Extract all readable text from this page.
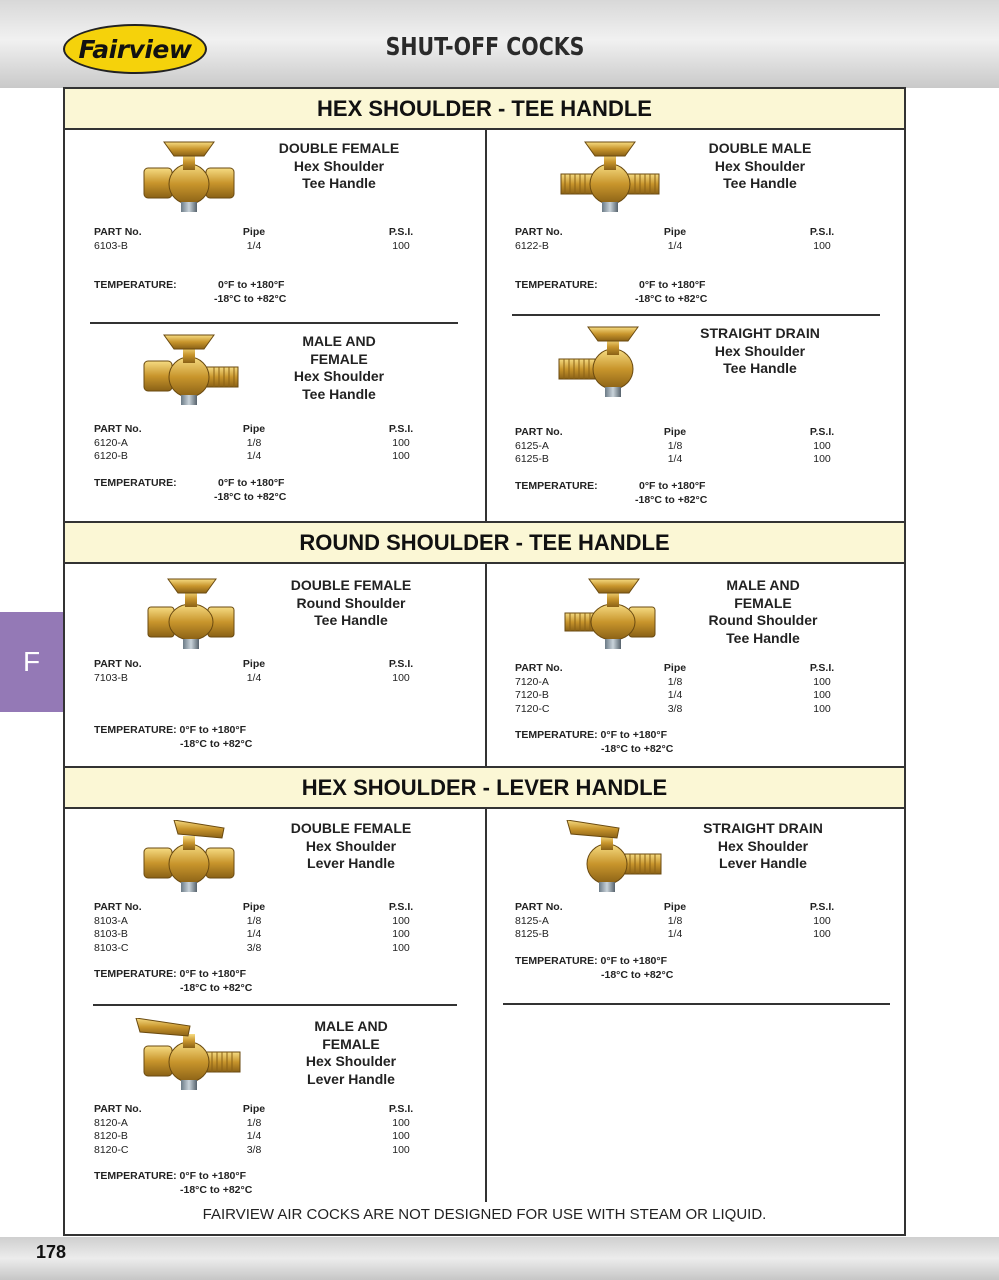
Fairview	SHUT-OFF COCKS
F
178
HEX SHOULDER - TEE HANDLE
ROUND SHOULDER - TEE HANDLE
HEX SHOULDER - LEVER HANDLE
DOUBLE FEMALE
Hex Shoulder
Tee Handle
PART No.	Pipe	P.S.I.
6103-B	1/4	100
TEMPERATURE:	0°F to +180°F
-18°C to +82°C
DOUBLE MALE
Hex Shoulder
Tee Handle
PART No.	Pipe	P.S.I.
6122-B	1/4	100
TEMPERATURE:	0°F to +180°F
-18°C to +82°C
MALE AND
FEMALE
Hex Shoulder
Tee Handle
PART No.	Pipe	P.S.I.
6120-A	1/8	100
6120-B	1/4	100
TEMPERATURE:	0°F to +180°F
-18°C to +82°C
STRAIGHT DRAIN
Hex Shoulder
Tee Handle
PART No.	Pipe	P.S.I.
6125-A	1/8	100
6125-B	1/4	100
TEMPERATURE:	0°F to +180°F
-18°C to +82°C
DOUBLE FEMALE
Round Shoulder
Tee Handle
PART No.	Pipe	P.S.I.
7103-B	1/4	100
TEMPERATURE: 0°F to +180°F
-18°C to +82°C
MALE AND
FEMALE
Round Shoulder
Tee Handle
PART No.	Pipe	P.S.I.
7120-A	1/8	100
7120-B	1/4	100
7120-C	3/8	100
TEMPERATURE: 0°F to +180°F
-18°C to +82°C
DOUBLE FEMALE
Hex Shoulder
Lever Handle
PART No.	Pipe	P.S.I.
8103-A	1/8	100
8103-B	1/4	100
8103-C	3/8	100
TEMPERATURE: 0°F to +180°F
-18°C to +82°C
STRAIGHT DRAIN
Hex Shoulder
Lever Handle
PART No.	Pipe	P.S.I.
8125-A	1/8	100
8125-B	1/4	100
TEMPERATURE: 0°F to +180°F
-18°C to +82°C
MALE AND
FEMALE
Hex Shoulder
Lever Handle
PART No.	Pipe	P.S.I.
8120-A	1/8	100
8120-B	1/4	100
8120-C	3/8	100
TEMPERATURE: 0°F to +180°F
-18°C to +82°C
FAIRVIEW AIR COCKS ARE NOT DESIGNED FOR USE WITH STEAM OR LIQUID.
